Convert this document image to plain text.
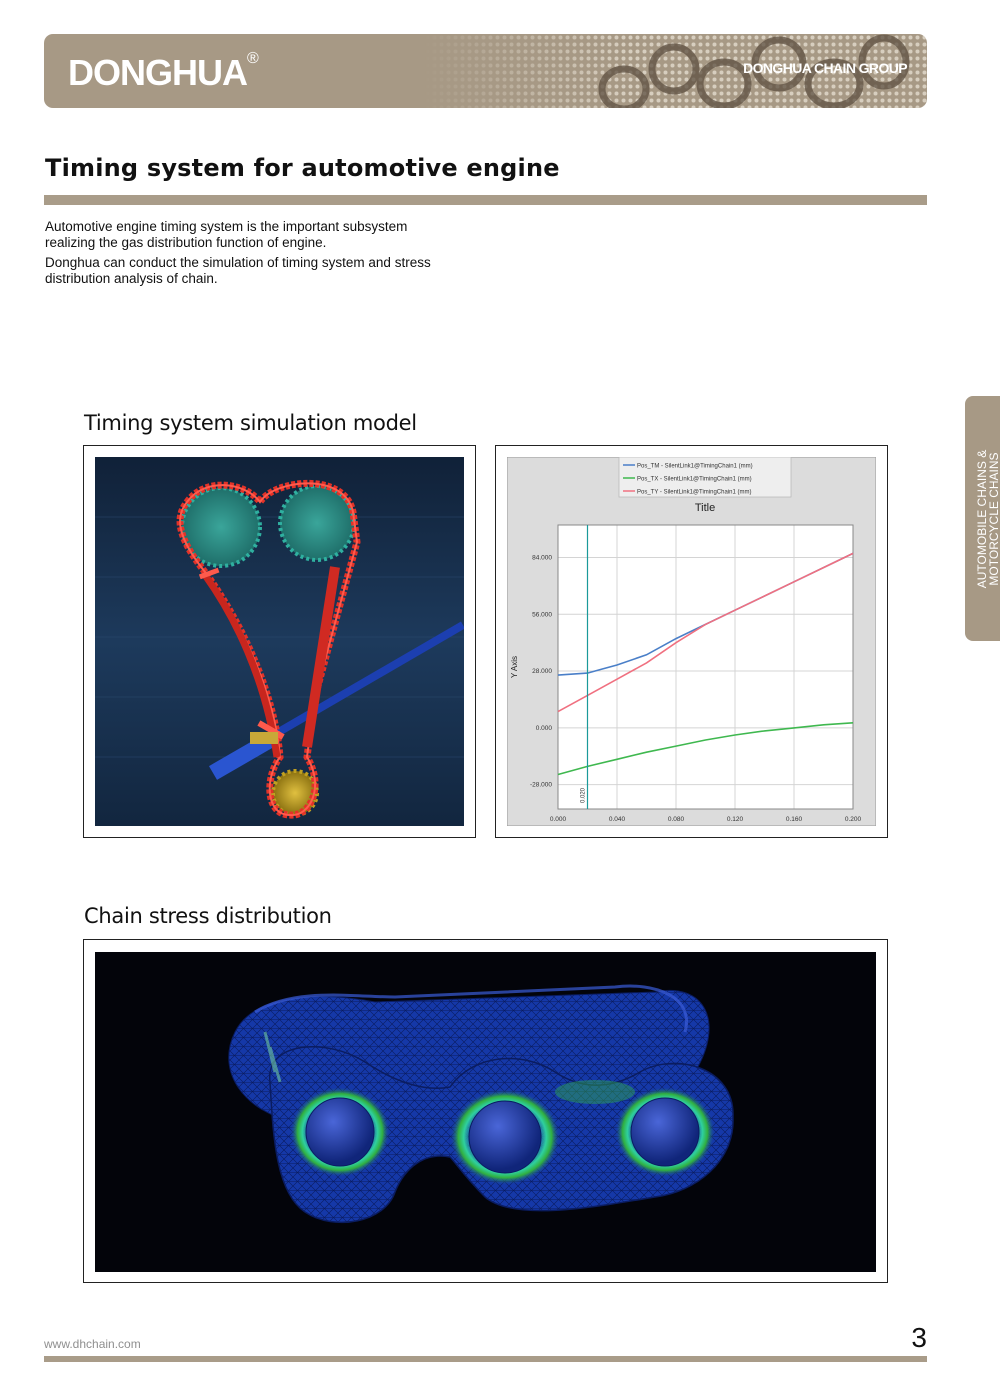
DONGHUA®
DONGHUA CHAIN GROUP
Timing system for automotive engine

Automotive engine timing system is the important subsystem realizing the gas distribution function of engine.

Donghua can conduct the simulation of timing system and stress distribution analysis of chain.

AUTOMOBILE CHAINS &
MOTORCYCLE CHAINS
Timing system simulation model
Pos_TM - SilentLink1@TimingChain1 (mm)
Pos_TX - SilentLink1@TimingChain1 (mm)
Pos_TY - SilentLink1@TimingChain1 (mm)
Title
Y Axis
0.000	0.040	0.080	0.120	0.160	0.200
-28.000
0.000
28.000
56.000
84.000
0.020
Chain stress distribution
www.dhchain.com	3
